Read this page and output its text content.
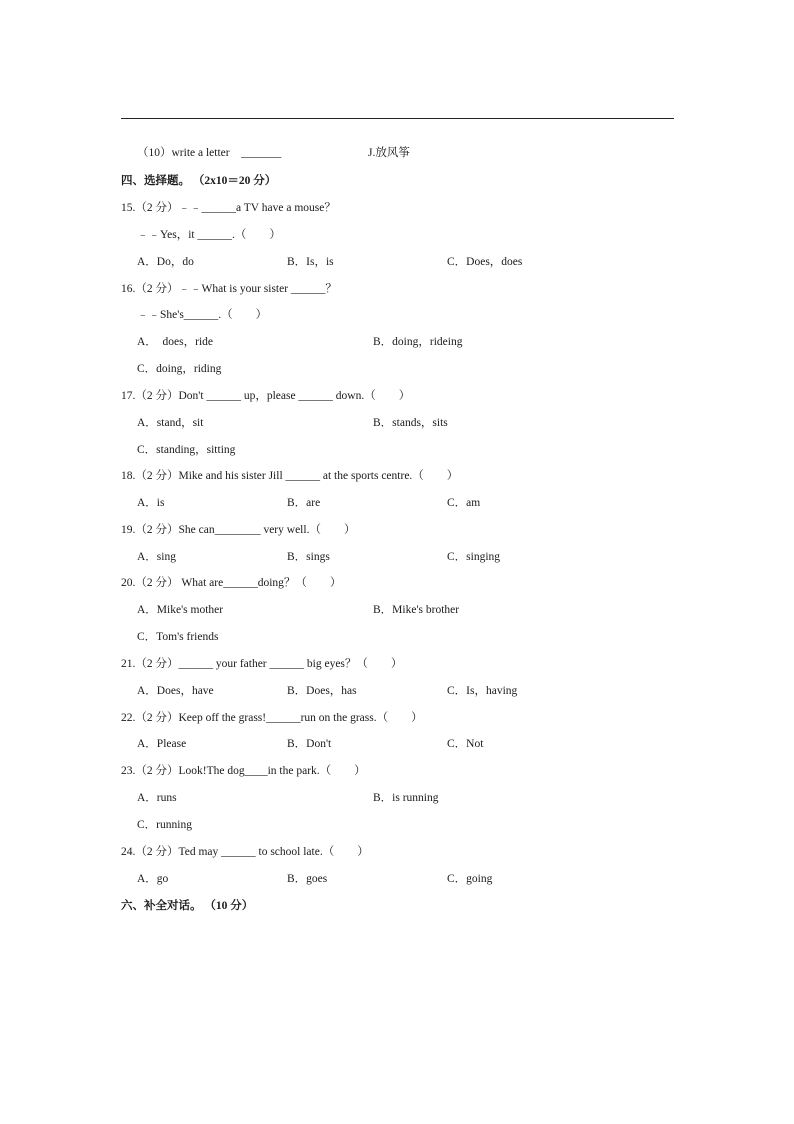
（10）write a letter    _______	J.放风筝
四、选择题。 （2x10＝20 分）
15.（2 分）﹣﹣______a TV have a mouse？
﹣﹣Yes，it ______.（　　）
A．Do，do	B．Is，is	C．Does，does
16.（2 分）﹣﹣What is your sister ______？
﹣﹣She's______.（　　）
A．  does，ride	B．doing，rideing
C．doing，riding
17.（2 分）Don't ______ up，please ______ down.（　　）
A．stand，sit	B．stands，sits
C．standing，sitting
18.（2 分）Mike and his sister Jill ______ at the sports centre.（　　）
A．is	B．are	C．am
19.（2 分）She can________ very well.（　　）
A．sing	B．sings	C．singing
20.（2 分） What are______doing？（　　）
A．Mike's mother	B．Mike's brother
C．Tom's friends
21.（2 分）______ your father ______ big eyes？（　　）
A．Does，have	B．Does，has	C．Is，having
22.（2 分）Keep off the grass!______run on the grass.（　　）
A．Please	B．Don't	C．Not
23.（2 分）Look!The dog____in the park.（　　）
A．runs	B．is running
C．running
24.（2 分）Ted may ______ to school late.（　　）
A．go	B．goes	C．going
六、补全对话。 （10 分）
